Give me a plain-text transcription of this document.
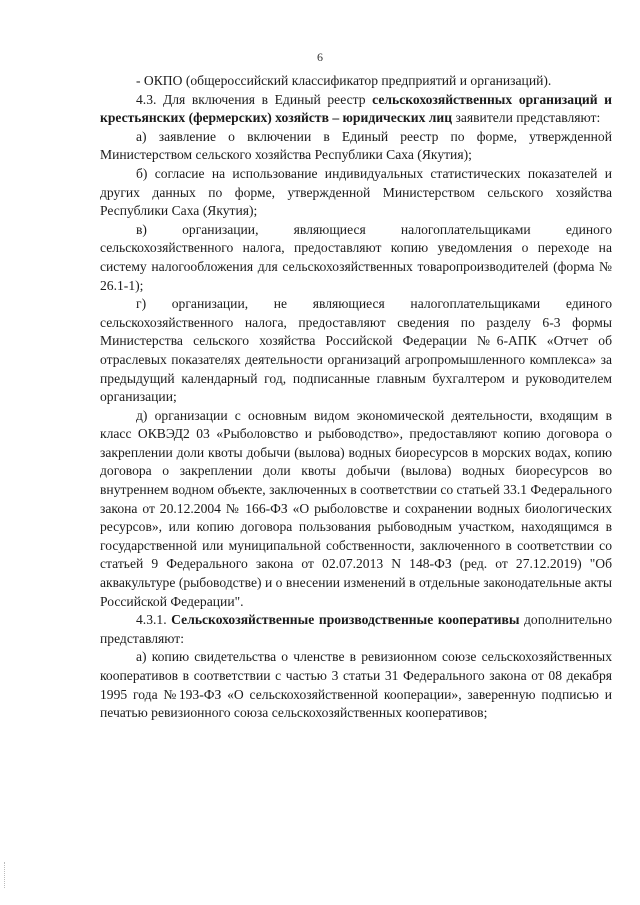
6

- ОКПО (общероссийский классификатор предприятий и организаций).

4.3. Для включения в Единый реестр сельскохозяйственных организаций и крестьянских (фермерских) хозяйств – юридических лиц заявители представляют:

а) заявление о включении в Единый реестр по форме, утвержденной Министерством сельского хозяйства Республики Саха (Якутия);

б) согласие на использование индивидуальных статистических показателей и других данных по форме, утвержденной Министерством сельского хозяйства Республики Саха (Якутия);

в) организации, являющиеся налогоплательщиками единого сельскохозяйственного налога, предоставляют копию уведомления о переходе на систему налогообложения для сельскохозяйственных товаропроизводителей (форма № 26.1-1);

г) организации, не являющиеся налогоплательщиками единого сельскохозяйственного налога, предоставляют сведения по разделу 6-3 формы Министерства сельского хозяйства Российской Федерации №6-АПК «Отчет об отраслевых показателях деятельности организаций агропромышленного комплекса» за предыдущий календарный год, подписанные главным бухгалтером и руководителем организации;

д) организации с основным видом экономической деятельности, входящим в класс ОКВЭД2 03 «Рыболовство и рыбоводство», предоставляют копию договора о закреплении доли квоты добычи (вылова) водных биоресурсов в морских водах, копию договора о закреплении доли квоты добычи (вылова) водных биоресурсов во внутреннем водном объекте, заключенных в соответствии со статьей 33.1 Федерального закона от 20.12.2004 № 166-ФЗ «О рыболовстве и сохранении водных биологических ресурсов», или копию договора пользования рыбоводным участком, находящимся в государственной или муниципальной собственности, заключенного в соответствии со статьей 9 Федерального закона от 02.07.2013 N 148-ФЗ (ред. от 27.12.2019) "Об аквакультуре (рыбоводстве) и о внесении изменений в отдельные законодательные акты Российской Федерации".

4.3.1. Сельскохозяйственные производственные кооперативы дополнительно представляют:

а) копию свидетельства о членстве в ревизионном союзе сельскохозяйственных кооперативов в соответствии с частью 3 статьи 31 Федерального закона от 08 декабря 1995 года №193-ФЗ «О сельскохозяйственной кооперации», заверенную подписью и печатью ревизионного союза сельскохозяйственных кооперативов;
